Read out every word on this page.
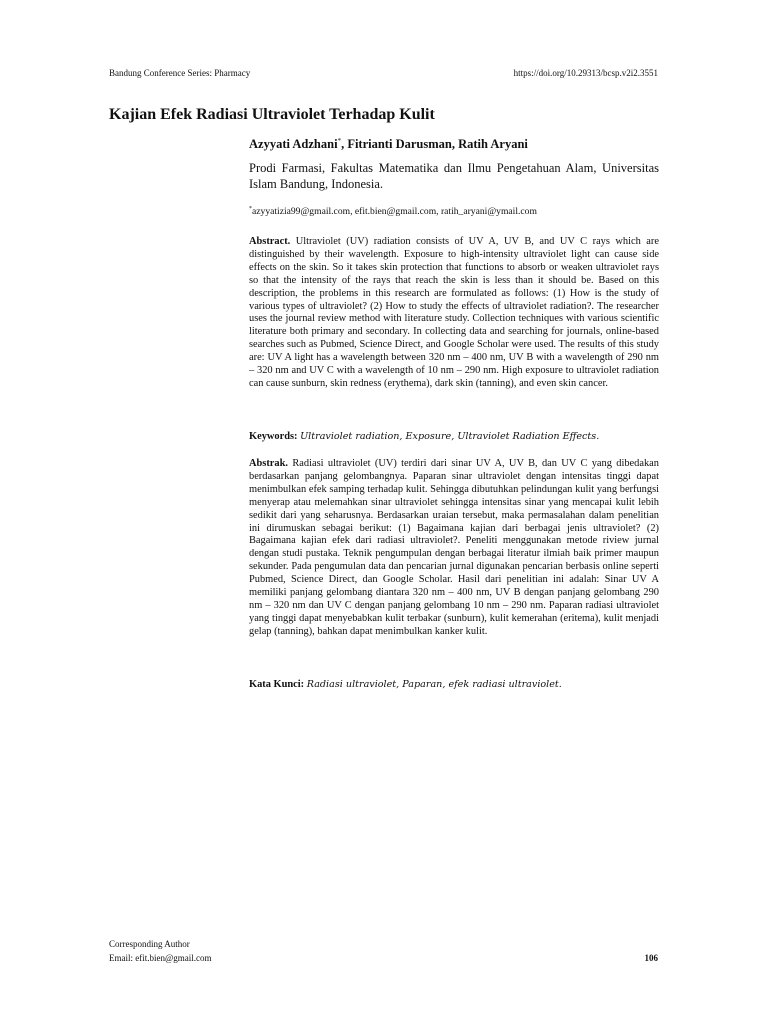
Bandung Conference Series: Pharmacy	https://doi.org/10.29313/bcsp.v2i2.3551
Kajian Efek Radiasi Ultraviolet Terhadap Kulit
Azyyati Adzhani*, Fitrianti Darusman, Ratih Aryani
Prodi Farmasi, Fakultas Matematika dan Ilmu Pengetahuan Alam, Universitas Islam Bandung, Indonesia.
*azyyatizia99@gmail.com, efit.bien@gmail.com, ratih_aryani@ymail.com
Abstract. Ultraviolet (UV) radiation consists of UV A, UV B, and UV C rays which are distinguished by their wavelength. Exposure to high-intensity ultraviolet light can cause side effects on the skin. So it takes skin protection that functions to absorb or weaken ultraviolet rays so that the intensity of the rays that reach the skin is less than it should be. Based on this description, the problems in this research are formulated as follows: (1) How is the study of various types of ultraviolet? (2) How to study the effects of ultraviolet radiation?. The researcher uses the journal review method with literature study. Collection techniques with various scientific literature both primary and secondary. In collecting data and searching for journals, online-based searches such as Pubmed, Science Direct, and Google Scholar were used. The results of this study are: UV A light has a wavelength between 320 nm – 400 nm, UV B with a wavelength of 290 nm – 320 nm and UV C with a wavelength of 10 nm – 290 nm. High exposure to ultraviolet radiation can cause sunburn, skin redness (erythema), dark skin (tanning), and even skin cancer.
Keywords: Ultraviolet radiation, Exposure, Ultraviolet Radiation Effects.
Abstrak. Radiasi ultraviolet (UV) terdiri dari sinar UV A, UV B, dan UV C yang dibedakan berdasarkan panjang gelombangnya. Paparan sinar ultraviolet dengan intensitas tinggi dapat menimbulkan efek samping terhadap kulit. Sehingga dibutuhkan pelindungan kulit yang berfungsi menyerap atau melemahkan sinar ultraviolet sehingga intensitas sinar yang mencapai kulit lebih sedikit dari yang seharusnya. Berdasarkan uraian tersebut, maka permasalahan dalam penelitian ini dirumuskan sebagai berikut: (1) Bagaimana kajian dari berbagai jenis ultraviolet? (2) Bagaimana kajian efek dari radiasi ultraviolet?. Peneliti menggunakan metode riview jurnal dengan studi pustaka. Teknik pengumpulan dengan berbagai literatur ilmiah baik primer maupun sekunder. Pada pengumulan data dan pencarian jurnal digunakan pencarian berbasis online seperti Pubmed, Science Direct, dan Google Scholar. Hasil dari penelitian ini adalah: Sinar UV A memiliki panjang gelombang diantara 320 nm – 400 nm, UV B dengan panjang gelombang 290 nm – 320 nm dan UV C dengan panjang gelombang 10 nm – 290 nm. Paparan radiasi ultraviolet yang tinggi dapat menyebabkan kulit terbakar (sunburn), kulit kemerahan (eritema), kulit menjadi gelap (tanning), bahkan dapat menimbulkan kanker kulit.
Kata Kunci: Radiasi ultraviolet, Paparan, efek radiasi ultraviolet.
Corresponding Author
Email: efit.bien@gmail.com	106
